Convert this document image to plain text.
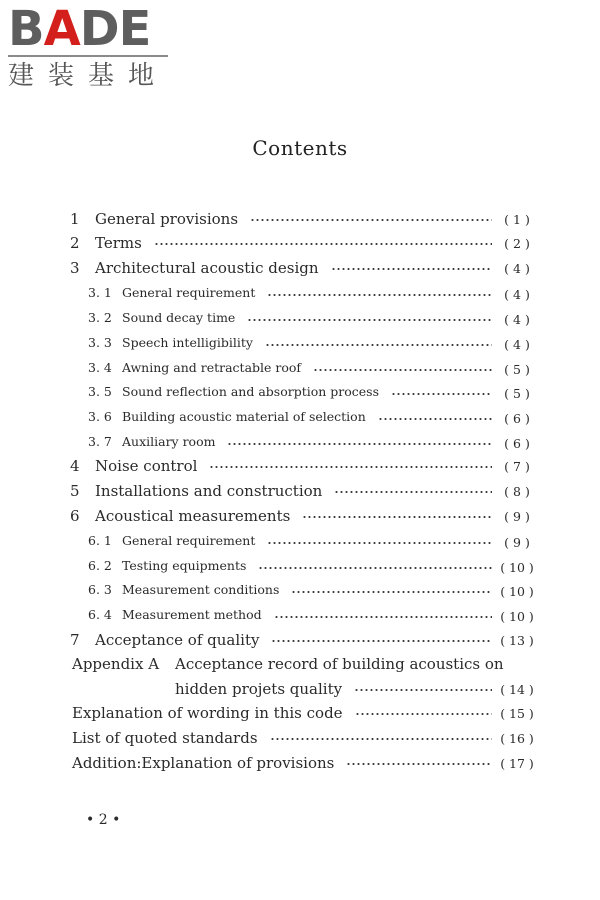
BADE
建装基地
Contents
1 General provisions	( 1 )
2 Terms	( 2 )
3 Architectural acoustic design	( 4 )
3. 1 General requirement	( 4 )
3. 2 Sound decay time	( 4 )
3. 3 Speech intelligibility	( 4 )
3. 4 Awning and retractable roof	( 5 )
3. 5 Sound reflection and absorption process	( 5 )
3. 6 Building acoustic material of selection	( 6 )
3. 7 Auxiliary room	( 6 )
4 Noise control	( 7 )
5 Installations and construction	( 8 )
6 Acoustical measurements	( 9 )
6. 1 General requirement	( 9 )
6. 2 Testing equipments	( 10 )
6. 3 Measurement conditions	( 10 )
6. 4 Measurement method	( 10 )
7 Acceptance of quality	( 13 )
Appendix A Acceptance record of building acoustics on
hidden projets quality	( 14 )
Explanation of wording in this code	( 15 )
List of quoted standards	( 16 )
Addition:Explanation of provisions	( 17 )
• 2 •
